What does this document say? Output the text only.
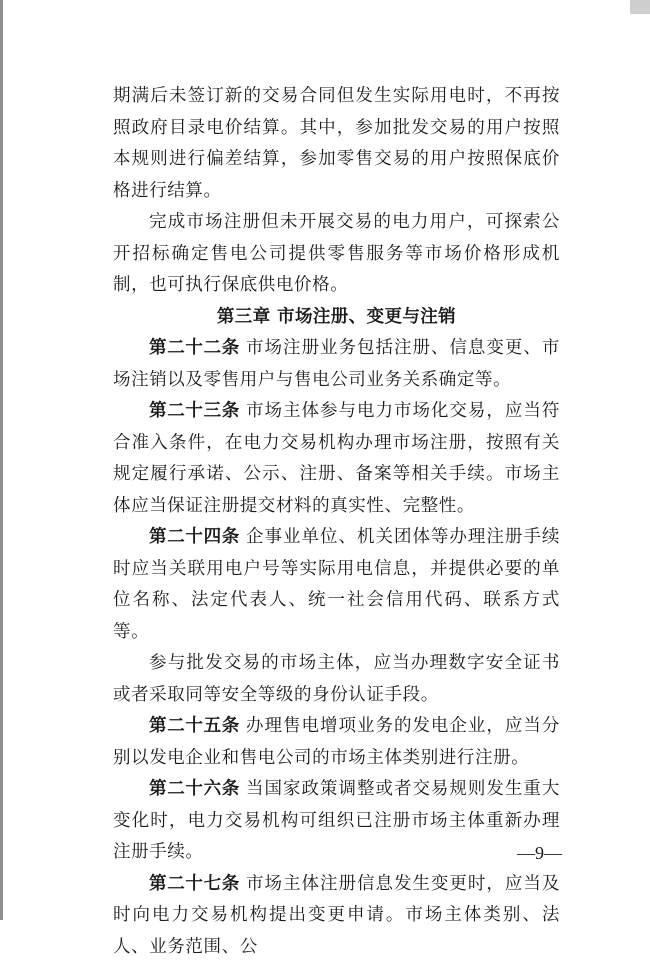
期满后未签订新的交易合同但发生实际用电时，不再按照政府目录电价结算。其中，参加批发交易的用户按照本规则进行偏差结算，参加零售交易的用户按照保底价格进行结算。

完成市场注册但未开展交易的电力用户，可探索公开招标确定售电公司提供零售服务等市场价格形成机制，也可执行保底供电价格。

第三章 市场注册、变更与注销

第二十二条 市场注册业务包括注册、信息变更、市场注销以及零售用户与售电公司业务关系确定等。

第二十三条 市场主体参与电力市场化交易，应当符合准入条件，在电力交易机构办理市场注册，按照有关规定履行承诺、公示、注册、备案等相关手续。市场主体应当保证注册提交材料的真实性、完整性。

第二十四条 企事业单位、机关团体等办理注册手续时应当关联用电户号等实际用电信息，并提供必要的单位名称、法定代表人、统一社会信用代码、联系方式等。

参与批发交易的市场主体，应当办理数字安全证书或者采取同等安全等级的身份认证手段。

第二十五条 办理售电增项业务的发电企业，应当分别以发电企业和售电公司的市场主体类别进行注册。

第二十六条 当国家政策调整或者交易规则发生重大变化时，电力交易机构可组织已注册市场主体重新办理注册手续。

第二十七条 市场主体注册信息发生变更时，应当及时向电力交易机构提出变更申请。市场主体类别、法人、业务范围、公

—9—
